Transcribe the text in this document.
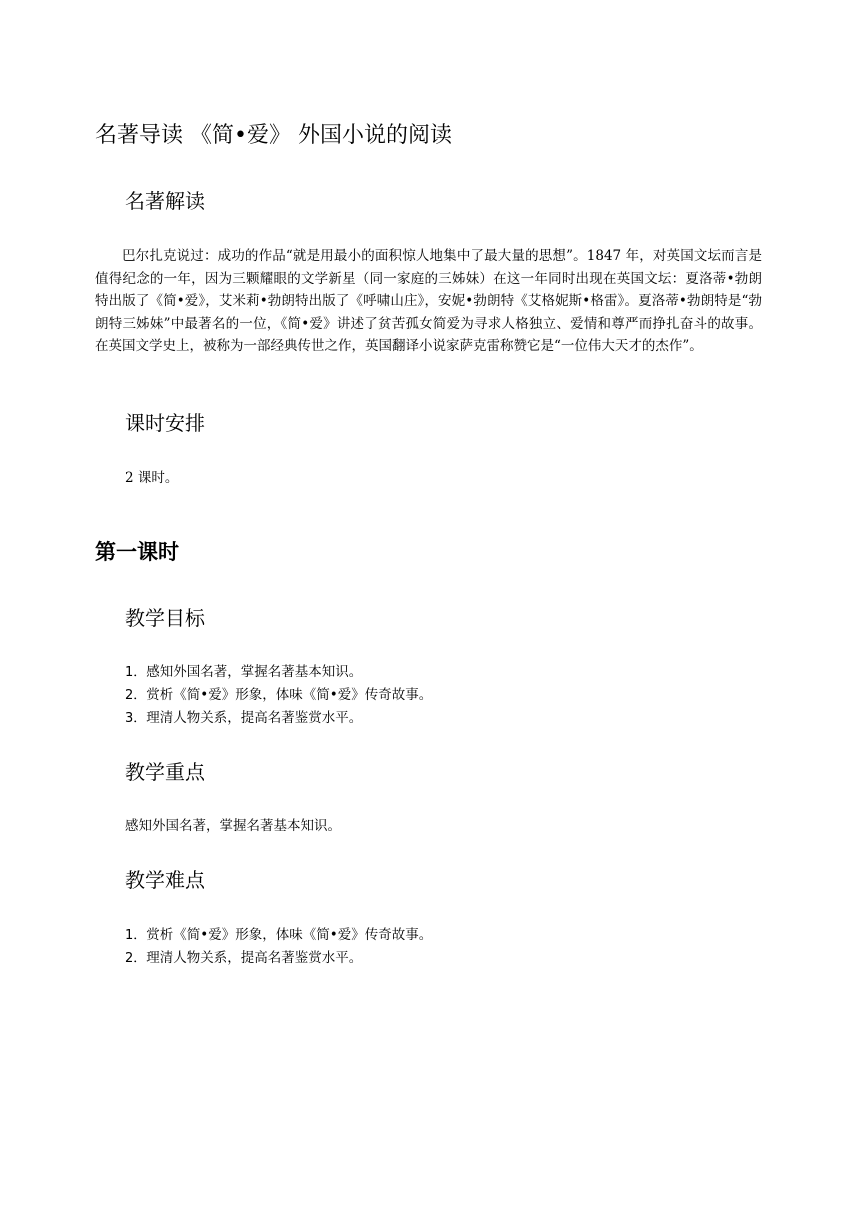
名著导读 《简•爱》 外国小说的阅读
名著解读

巴尔扎克说过：成功的作品“就是用最小的面积惊人地集中了最大量的思想”。1847 年，对英国文坛而言是值得纪念的一年，因为三颗耀眼的文学新星（同一家庭的三姊妹）在这一年同时出现在英国文坛：夏洛蒂•勃朗特出版了《简•爱》，艾米莉•勃朗特出版了《呼啸山庄》，安妮•勃朗特《艾格妮斯•格雷》。夏洛蒂•勃朗特是“勃朗特三姊妹”中最著名的一位，《简•爱》讲述了贫苦孤女简爱为寻求人格独立、爱情和尊严而挣扎奋斗的故事。在英国文学史上，被称为一部经典传世之作，英国翻译小说家萨克雷称赞它是“一位伟大天才的杰作”。

课时安排

2 课时。

第一课时
教学目标
1．感知外国名著，掌握名著基本知识。
2．赏析《简•爱》形象，体味《简•爱》传奇故事。
3．理清人物关系，提高名著鉴赏水平。
教学重点

感知外国名著，掌握名著基本知识。

教学难点
1．赏析《简•爱》形象，体味《简•爱》传奇故事。
2．理清人物关系，提高名著鉴赏水平。
